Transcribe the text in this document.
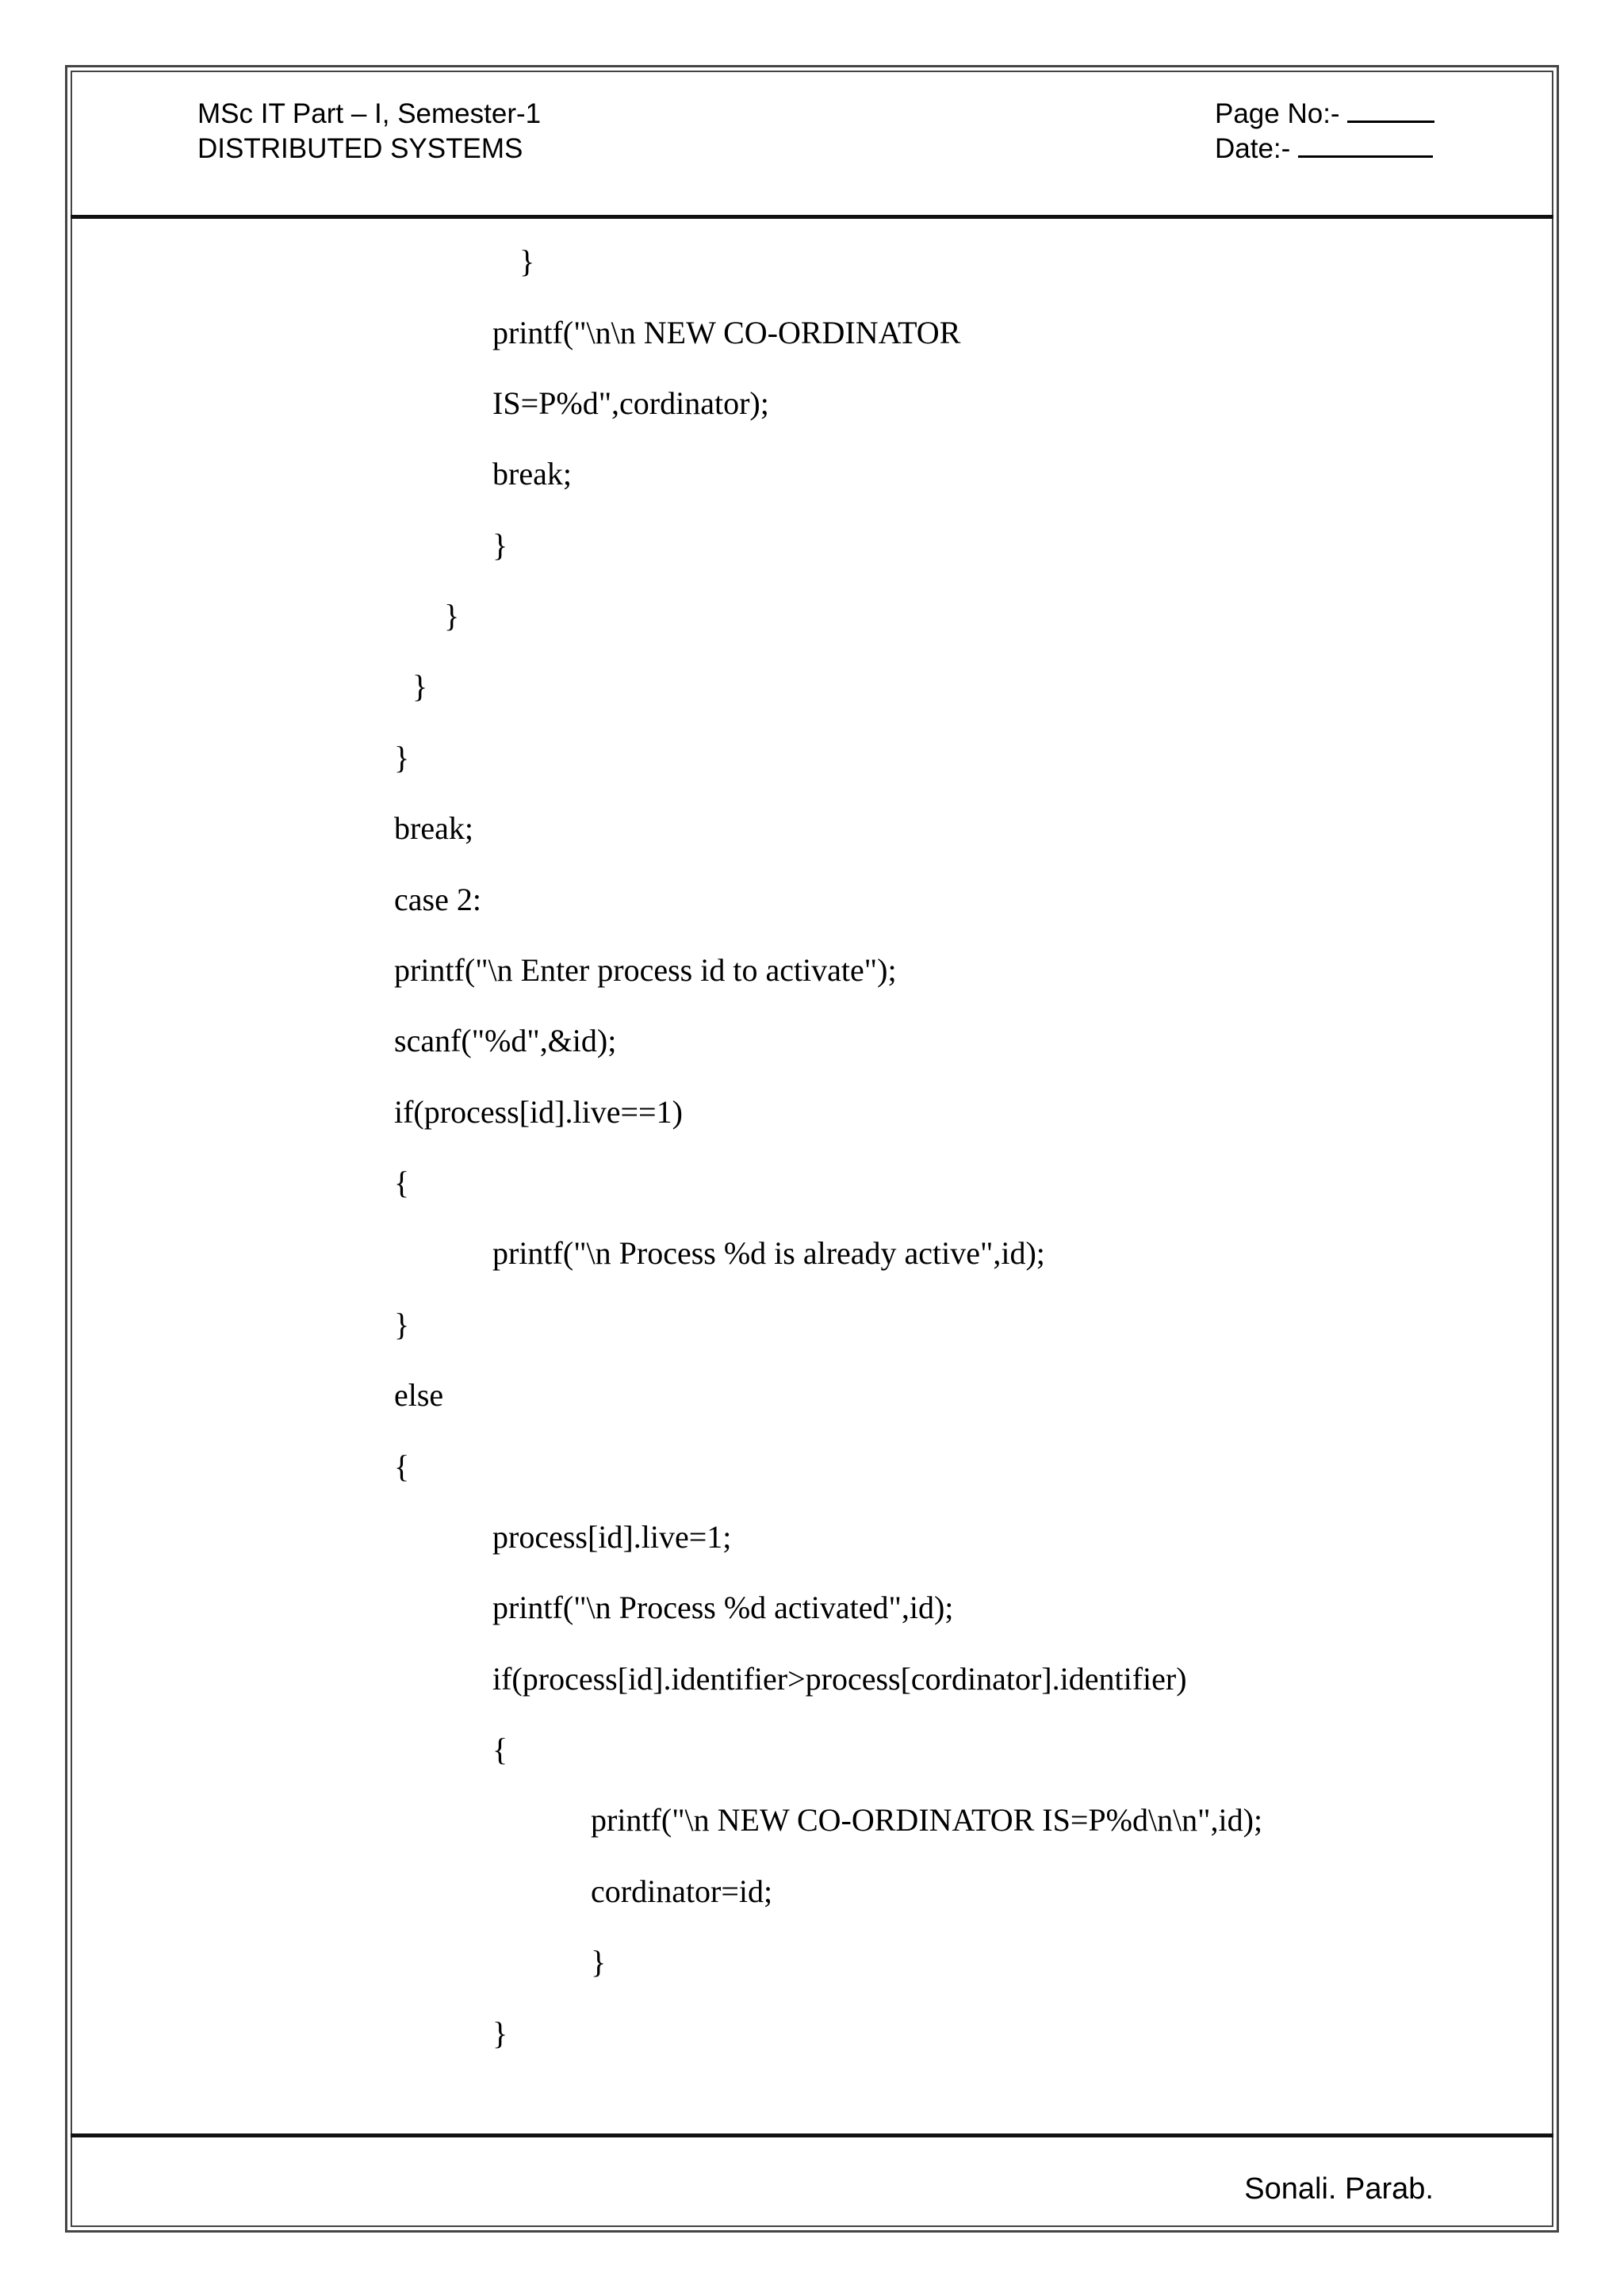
MSc IT Part – I, Semester-1
DISTRIBUTED SYSTEMS
Page No:-
Date:-
}
printf("\n\n NEW CO-ORDINATOR
IS=P%d",cordinator);
break;
}
}
}
}
break;
case 2:
printf("\n Enter process id to activate");
scanf("%d",&id);
if(process[id].live==1)
{
printf("\n Process %d is already active",id);
}
else
{
process[id].live=1;
printf("\n Process %d activated",id);
if(process[id].identifier>process[cordinator].identifier)
{
printf("\n NEW CO-ORDINATOR IS=P%d\n\n",id);
cordinator=id;
}
}
Sonali. Parab.
